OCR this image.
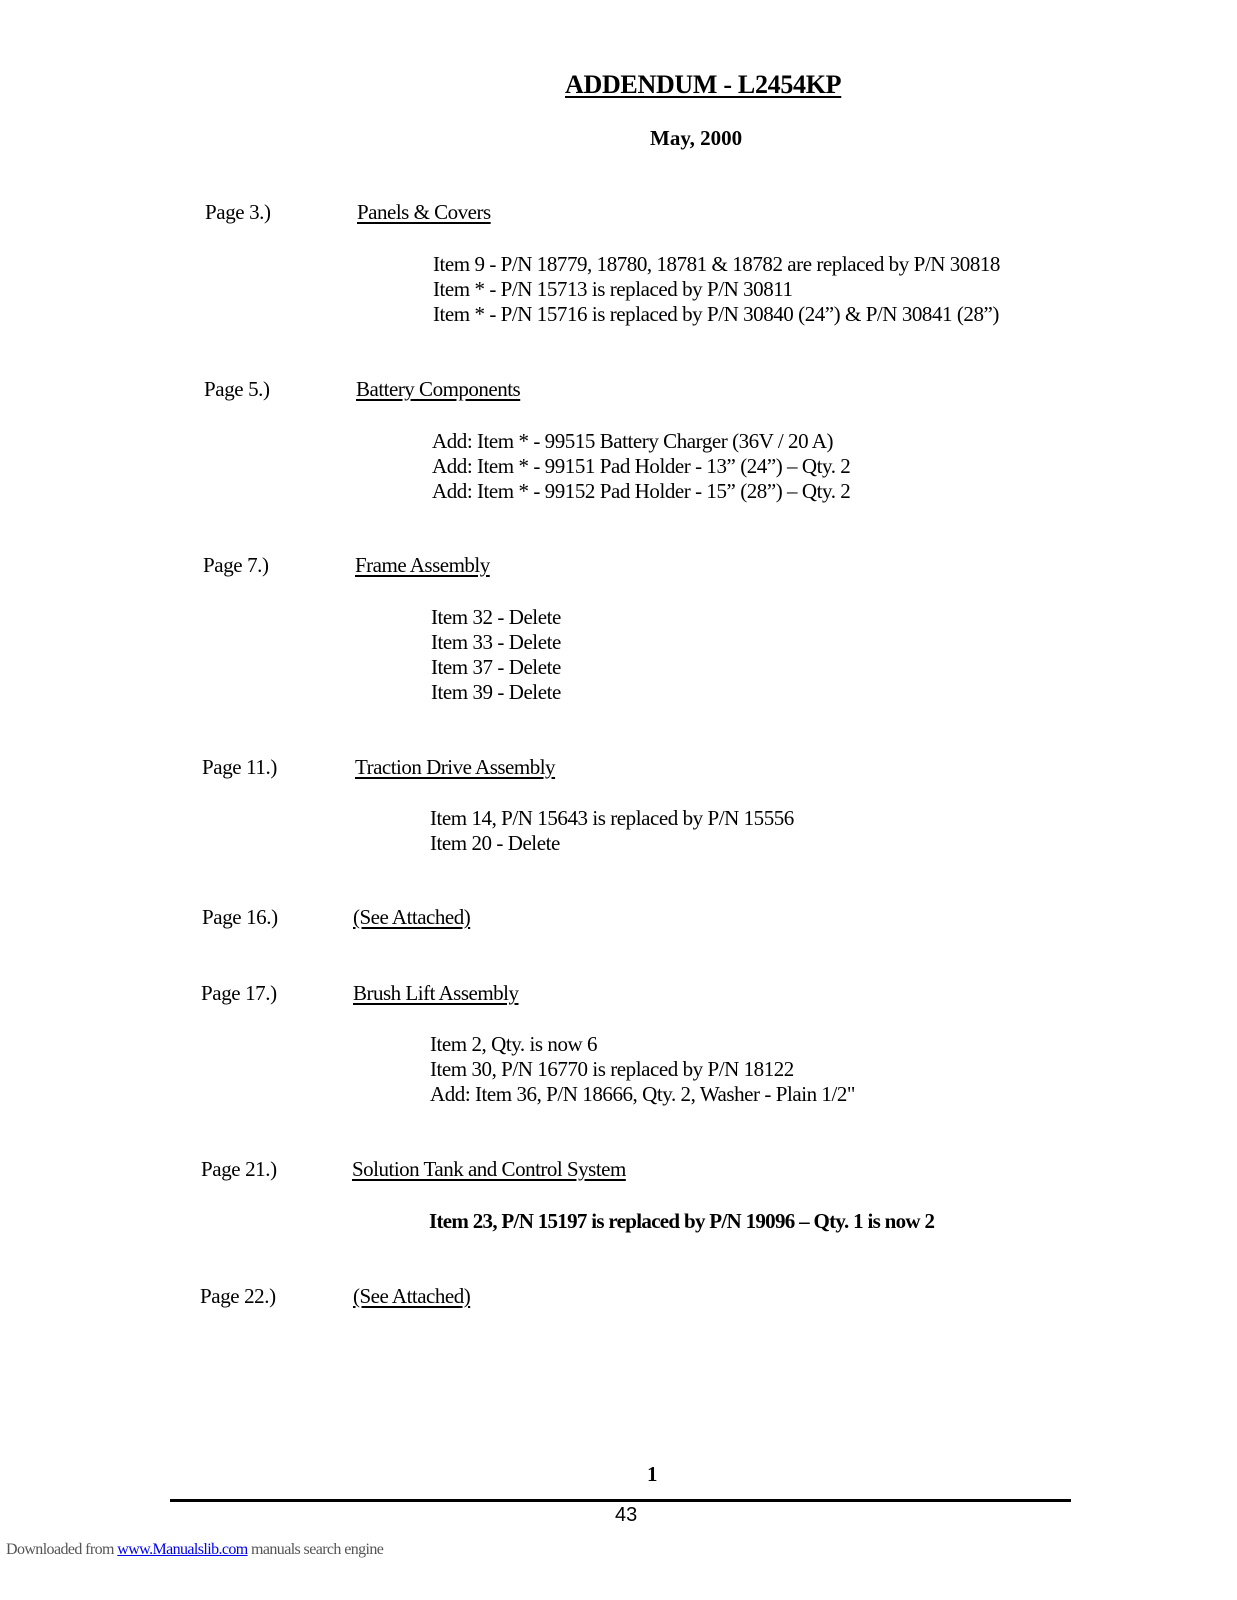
ADDENDUM - L2454KP
May, 2000
Page 3.)	Panels & Covers
Item 9 - P/N 18779, 18780, 18781 & 18782 are replaced by P/N 30818
Item * - P/N 15713 is replaced by P/N 30811
Item * - P/N 15716 is replaced by P/N 30840 (24”) & P/N 30841 (28”)
Page 5.)	Battery Components
Add: Item * - 99515 Battery Charger (36V / 20 A)
Add: Item * - 99151 Pad Holder - 13” (24”) – Qty. 2
Add: Item * - 99152 Pad Holder - 15” (28”) – Qty. 2
Page 7.)	Frame Assembly
Item 32 - Delete
Item 33 - Delete
Item 37 - Delete
Item 39 - Delete
Page 11.)	Traction Drive Assembly
Item 14, P/N 15643 is replaced by P/N 15556
Item 20 - Delete
Page 16.)	(See Attached)
Page 17.)	Brush Lift Assembly
Item 2, Qty. is now 6
Item 30, P/N 16770 is replaced by P/N 18122
Add: Item 36, P/N 18666, Qty. 2, Washer - Plain 1/2"
Page 21.)	Solution Tank and Control System
Item 23, P/N 15197 is replaced by P/N 19096 – Qty. 1 is now 2
Page 22.)	(See Attached)
1
43
Downloaded from www.Manualslib.com manuals search engine
